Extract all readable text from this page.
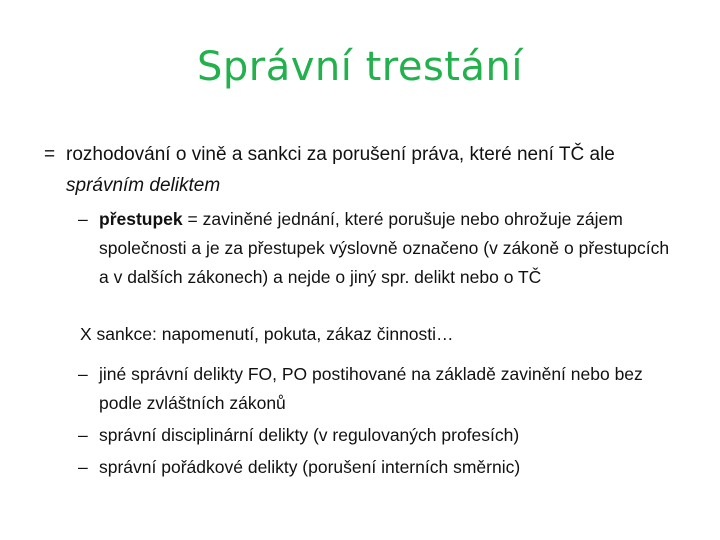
Správní trestání
= rozhodování o vině a sankci za porušení práva, které není TČ ale správním deliktem
– přestupek = zaviněné jednání, které porušuje nebo ohrožuje zájem společnosti a je za přestupek výslovně označeno (v zákoně o přestupcích a v dalších zákonech) a nejde o jiný spr. delikt nebo o TČ
X sankce: napomenutí, pokuta, zákaz činnosti…
– jiné správní delikty FO, PO postihované na základě zavinění nebo bez podle zvláštních zákonů
– správní disciplinární delikty (v regulovaných profesích)
– správní pořádkové delikty (porušení interních směrnic)
